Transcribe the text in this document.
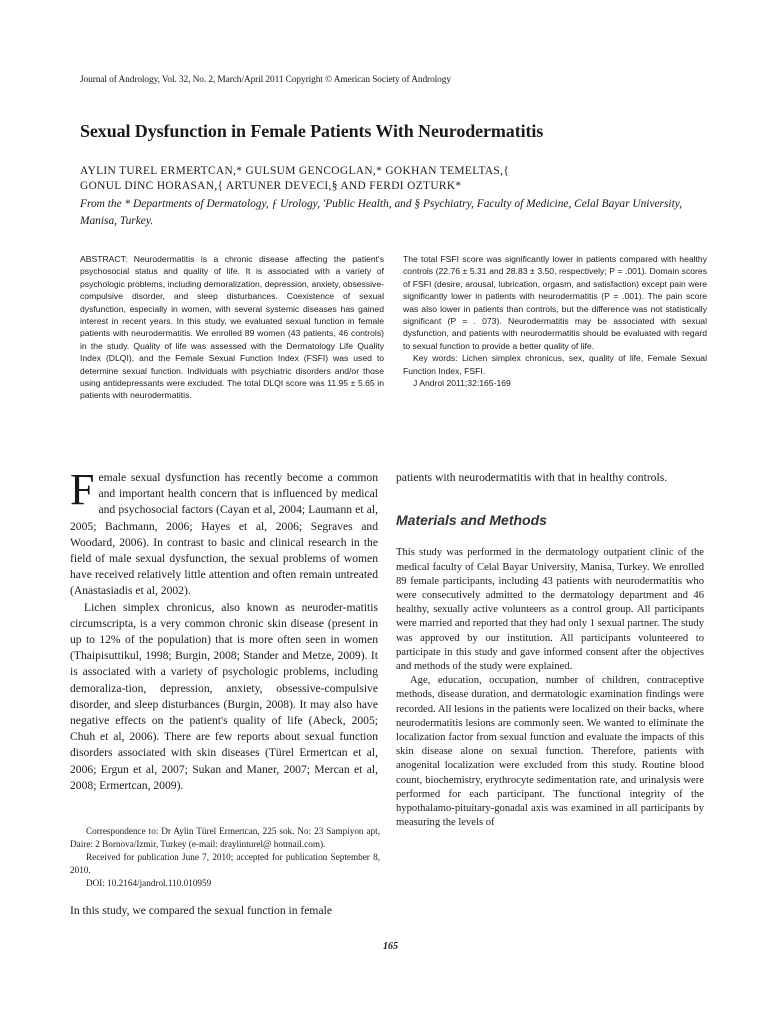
Journal of Andrology, Vol. 32, No. 2, March/April 2011 Copyright © American Society of Andrology
Sexual Dysfunction in Female Patients With Neurodermatitis
AYLIN TUREL ERMERTCAN,* GULSUM GENCOGLAN,* GOKHAN TEMELTAS,{
GONUL DINC HORASAN,{ ARTUNER DEVECI,§ AND FERDI OZTURK*
From the * Departments of Dermatology, ƒ Urology, 'Public Health, and § Psychiatry, Faculty of Medicine, Celal Bayar University, Manisa, Turkey.

ABSTRACT: Neurodermatitis is a chronic disease affecting the patient's psychosocial status and quality of life. It is associated with a variety of psychologic problems, including demoralization, depression, anxiety, obsessive-compulsive disorder, and sleep disturbances. Coexistence of sexual dysfunction, especially in women, with several systemic diseases has gained interest in recent years. In this study, we evaluated sexual function in female patients with neurodermatitis. We enrolled 89 women (43 patients, 46 controls) in the study. Quality of life was assessed with the Dermatology Life Quality Index (DLQI), and the Female Sexual Function Index (FSFI) was used to determine sexual function. Individuals with psychiatric disorders and/or those using antidepressants were excluded. The total DLQI score was 11.95 ± 5.65 in patients with neurodermatitis.

The total FSFI score was significantly lower in patients compared with healthy controls (22.76 ± 5.31 and 28.83 ± 3.50, respectively; P = .001). Domain scores of FSFI (desire, arousal, lubrication, orgasm, and satisfaction) except pain were significantly lower in patients with neurodermatitis (P = .001). The pain score was also lower in patients than controls, but the difference was not statistically significant (P = . 073). Neurodermatitis may be associated with sexual dysfunction, and patients with neurodermatitis should be evaluated with regard to sexual function to provide a better quality of life.

Key words: Lichen simplex chronicus, sex, quality of life, Female Sexual Function Index, FSFI.

J Androl 2011;32:165-169

Female sexual dysfunction has recently become a common and important health concern that is influenced by medical and psychosocial factors (Cayan et al, 2004; Laumann et al, 2005; Bachmann, 2006; Hayes et al, 2006; Segraves and Woodard, 2006). In contrast to basic and clinical research in the field of male sexual dysfunction, the sexual problems of women have received relatively little attention and often remain untreated (Anastasiadis et al, 2002).

Lichen simplex chronicus, also known as neuroder-matitis circumscripta, is a very common chronic skin disease (present in up to 12% of the population) that is more often seen in women (Thaipisuttikul, 1998; Burgin, 2008; Stander and Metze, 2009). It is associated with a variety of psychologic problems, including demoraliza-tion, depression, anxiety, obsessive-compulsive disorder, and sleep disturbances (Burgin, 2008). It may also have negative effects on the patient's quality of life (Abeck, 2005; Chuh et al, 2006). There are few reports about sexual function disorders associated with skin diseases (Türel Ermertcan et al, 2006; Ergun et al, 2007; Sukan and Maner, 2007; Mercan et al, 2008; Ermertcan, 2009).

Correspondence to: Dr Aylin Türel Ermertcan, 225 sok. No: 23 Sampiyon apt, Daire: 2 Bornova/Izmir, Turkey (e-mail: draylinturel@ hotmail.com).

Received for publication June 7, 2010; accepted for publication September 8, 2010.

DOI: 10.2164/jandrol.110.010959

In this study, we compared the sexual function in female

patients with neurodermatitis with that in healthy controls.

Materials and Methods

This study was performed in the dermatology outpatient clinic of the medical faculty of Celal Bayar University, Manisa, Turkey. We enrolled 89 female participants, including 43 patients with neurodermatitis who were consecutively admitted to the dermatology department and 46 healthy, sexually active volunteers as a control group. All participants were married and reported that they had only 1 sexual partner. The study was approved by our institution. All participants volunteered to participate in this study and gave informed consent after the objectives and methods of the study were explained.

Age, education, occupation, number of children, contraceptive methods, disease duration, and dermatologic examination findings were recorded. All lesions in the patients were localized on their backs, where neurodermatitis lesions are commonly seen. We wanted to eliminate the localization factor from sexual function and evaluate the impacts of this skin disease alone on sexual function. Therefore, patients with anogenital localization were excluded from this study. Routine blood count, biochemistry, erythrocyte sedimentation rate, and urinalysis were performed for each participant. The functional integrity of the hypothalamo-pituitary-gonadal axis was examined in all participants by measuring the levels of

165
